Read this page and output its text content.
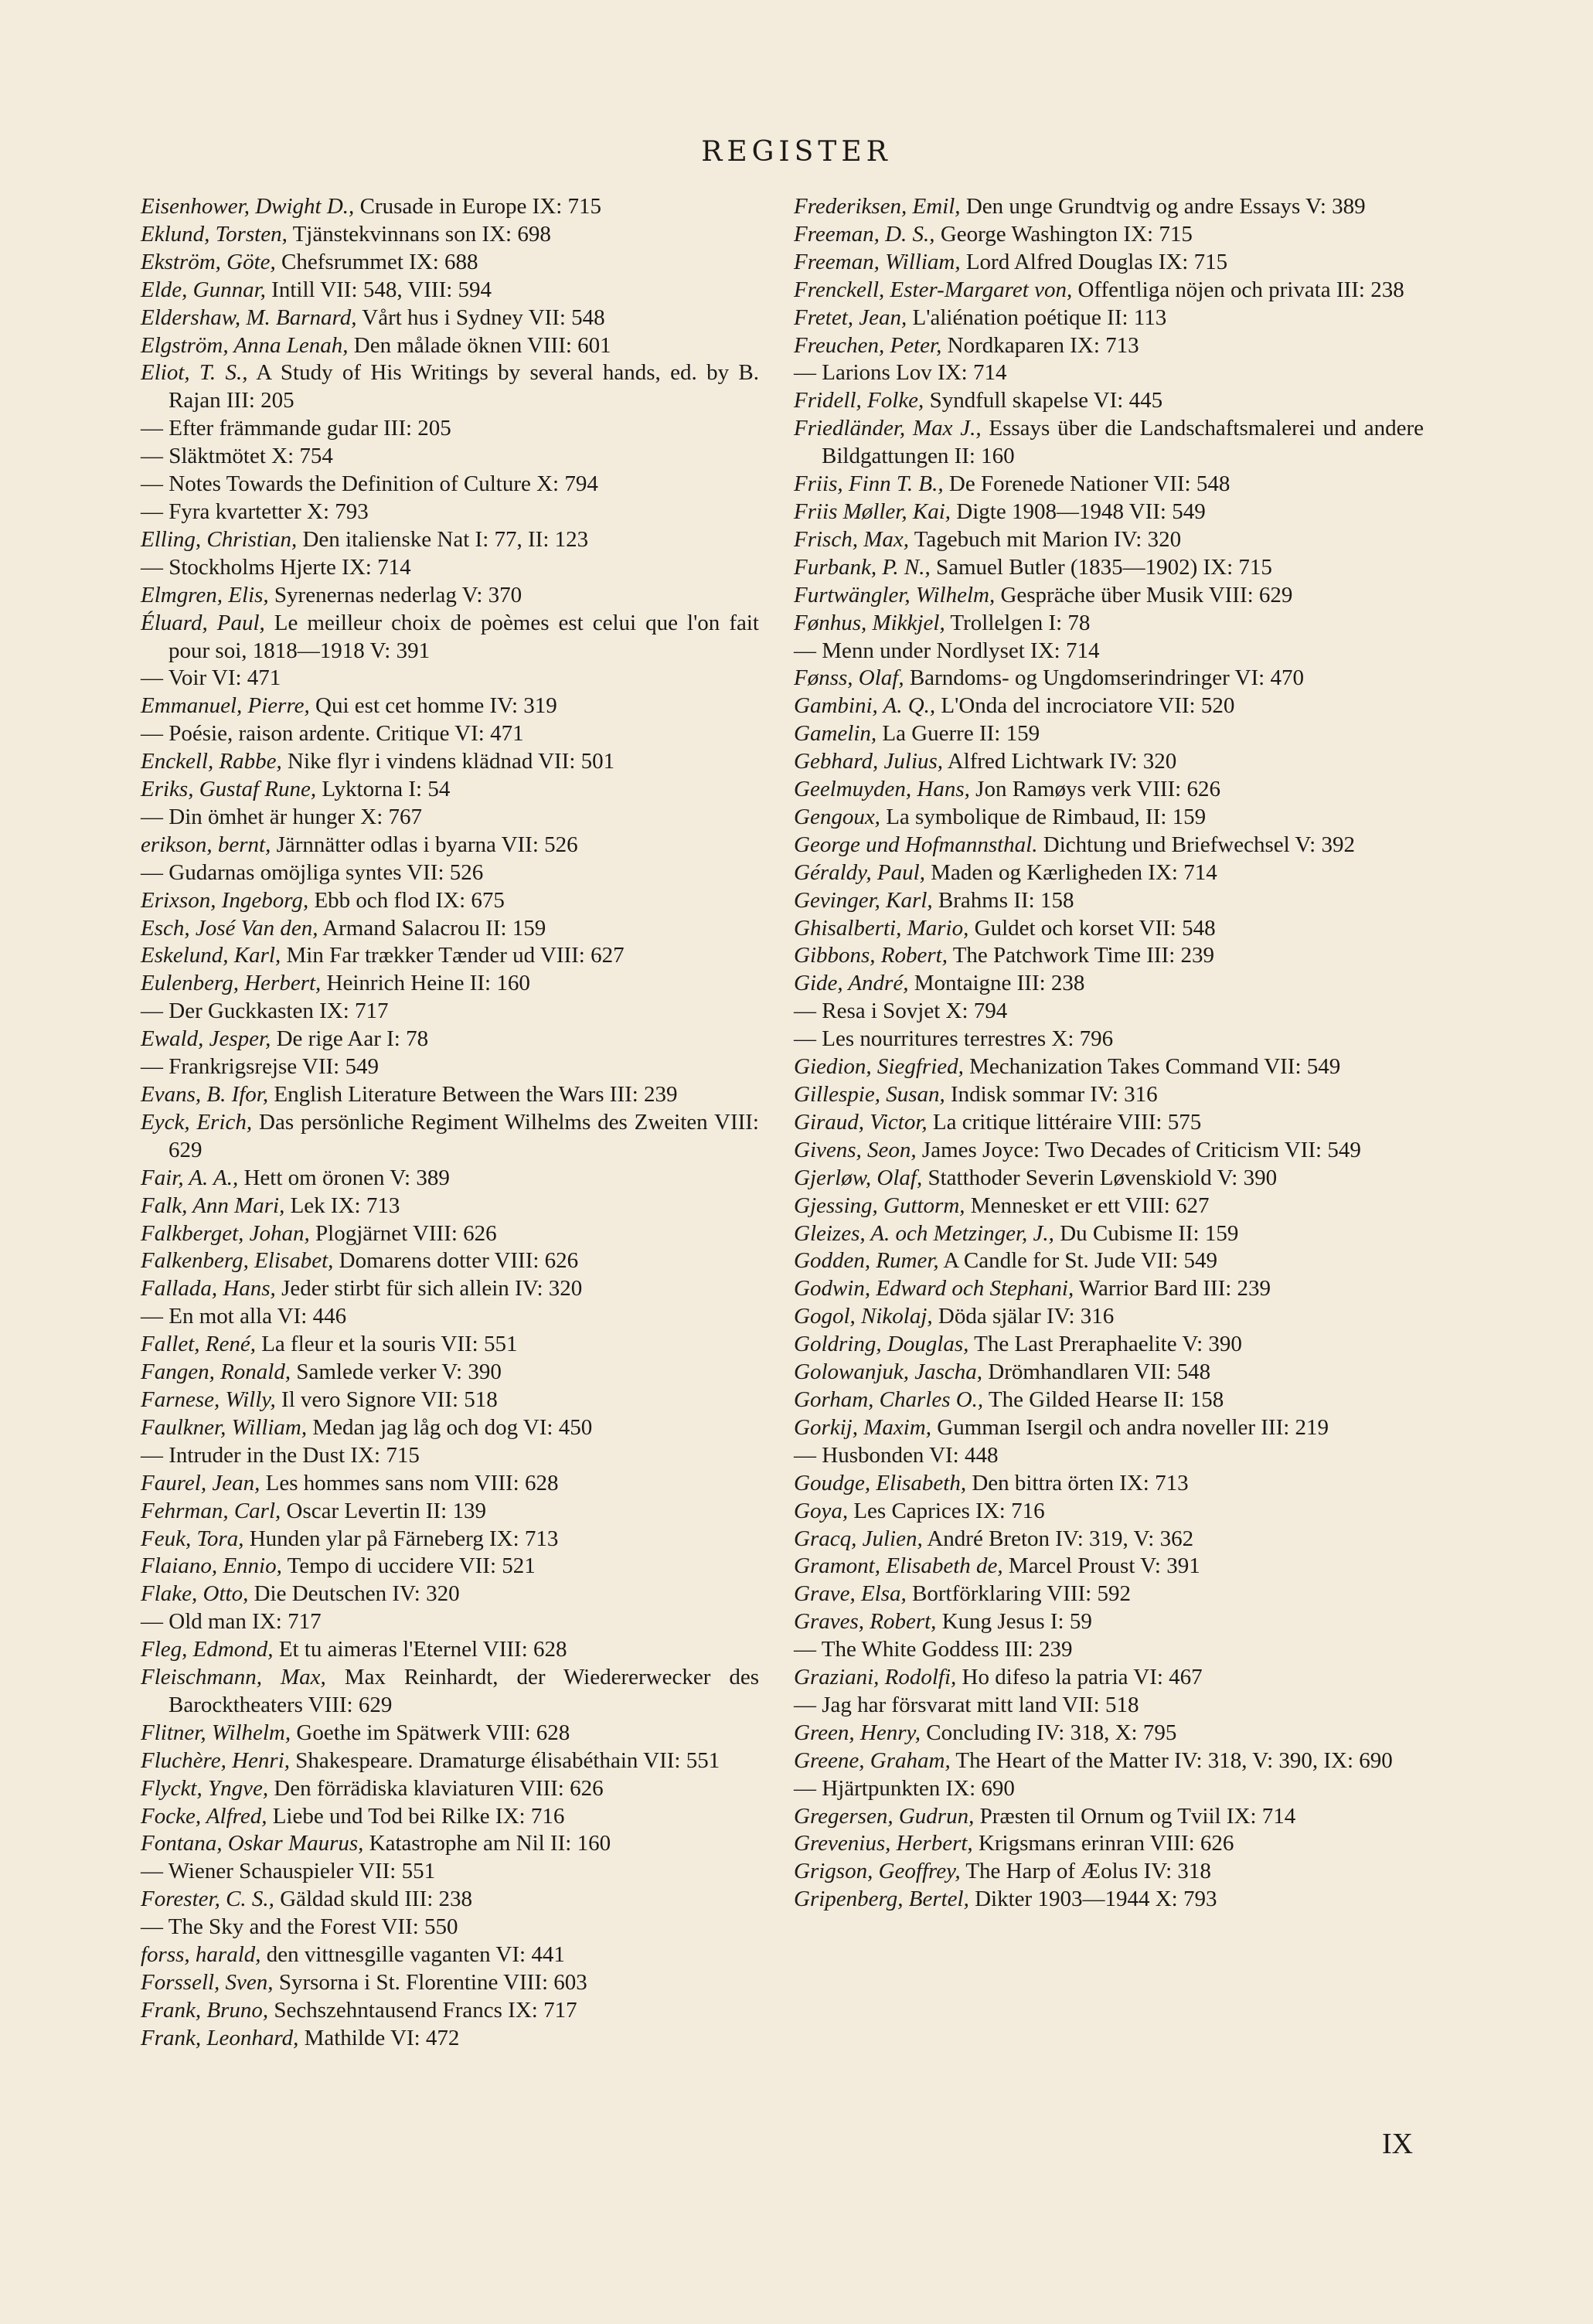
REGISTER
Eisenhower, Dwight D., Crusade in Europe IX: 715
Eklund, Torsten, Tjänstekvinnans son IX: 698
Ekström, Göte, Chefsrummet IX: 688
Elde, Gunnar, Intill VII: 548, VIII: 594
Eldershaw, M. Barnard, Vårt hus i Sydney VII: 548
Elgström, Anna Lenah, Den målade öknen VIII: 601
Eliot, T. S., A Study of His Writings by several hands, ed. by B. Rajan III: 205
— Efter främmande gudar III: 205
— Släktmötet X: 754
— Notes Towards the Definition of Culture X: 794
— Fyra kvartetter X: 793
Elling, Christian, Den italienske Nat I: 77, II: 123
— Stockholms Hjerte IX: 714
Elmgren, Elis, Syrenernas nederlag V: 370
Éluard, Paul, Le meilleur choix de poèmes est celui que l'on fait pour soi, 1818—1918 V: 391
— Voir VI: 471
Emmanuel, Pierre, Qui est cet homme IV: 319
— Poésie, raison ardente. Critique VI: 471
Enckell, Rabbe, Nike flyr i vindens klädnad VII: 501
Eriks, Gustaf Rune, Lyktorna I: 54
— Din ömhet är hunger X: 767
erikson, bernt, Järnnätter odlas i byarna VII: 526
— Gudarnas omöjliga syntes VII: 526
Erixson, Ingeborg, Ebb och flod IX: 675
Esch, José Van den, Armand Salacrou II: 159
Eskelund, Karl, Min Far trækker Tænder ud VIII: 627
Eulenberg, Herbert, Heinrich Heine II: 160
— Der Guckkasten IX: 717
Ewald, Jesper, De rige Aar I: 78
— Frankrigsrejse VII: 549
Evans, B. Ifor, English Literature Between the Wars III: 239
Eyck, Erich, Das persönliche Regiment Wilhelms des Zweiten VIII: 629
Fair, A. A., Hett om öronen V: 389
Falk, Ann Mari, Lek IX: 713
Falkberget, Johan, Plogjärnet VIII: 626
Falkenberg, Elisabet, Domarens dotter VIII: 626
Fallada, Hans, Jeder stirbt für sich allein IV: 320
— En mot alla VI: 446
Fallet, René, La fleur et la souris VII: 551
Fangen, Ronald, Samlede verker V: 390
Farnese, Willy, Il vero Signore VII: 518
Faulkner, William, Medan jag låg och dog VI: 450
— Intruder in the Dust IX: 715
Faurel, Jean, Les hommes sans nom VIII: 628
Fehrman, Carl, Oscar Levertin II: 139
Feuk, Tora, Hunden ylar på Färneberg IX: 713
Flaiano, Ennio, Tempo di uccidere VII: 521
Flake, Otto, Die Deutschen IV: 320
— Old man IX: 717
Fleg, Edmond, Et tu aimeras l'Eternel VIII: 628
Fleischmann, Max, Max Reinhardt, der Wiedererwecker des Barocktheaters VIII: 629
Flitner, Wilhelm, Goethe im Spätwerk VIII: 628
Fluchère, Henri, Shakespeare. Dramaturge élisabéthain VII: 551
Flyckt, Yngve, Den förrädiska klaviaturen VIII: 626
Focke, Alfred, Liebe und Tod bei Rilke IX: 716
Fontana, Oskar Maurus, Katastrophe am Nil II: 160
— Wiener Schauspieler VII: 551
Forester, C. S., Gäldad skuld III: 238
— The Sky and the Forest VII: 550
forss, harald, den vittnesgille vaganten VI: 441
Forssell, Sven, Syrsorna i St. Florentine VIII: 603
Frank, Bruno, Sechszehntausend Francs IX: 717
Frank, Leonhard, Mathilde VI: 472
Frederiksen, Emil, Den unge Grundtvig og andre Essays V: 389
Freeman, D. S., George Washington IX: 715
Freeman, William, Lord Alfred Douglas IX: 715
Frenckell, Ester-Margaret von, Offentliga nöjen och privata III: 238
Fretet, Jean, L'aliénation poétique II: 113
Freuchen, Peter, Nordkaparen IX: 713
— Larions Lov IX: 714
Fridell, Folke, Syndfull skapelse VI: 445
Friedländer, Max J., Essays über die Landschaftsmalerei und andere Bildgattungen II: 160
Friis, Finn T. B., De Forenede Nationer VII: 548
Friis Møller, Kai, Digte 1908—1948 VII: 549
Frisch, Max, Tagebuch mit Marion IV: 320
Furbank, P. N., Samuel Butler (1835—1902) IX: 715
Furtwängler, Wilhelm, Gespräche über Musik VIII: 629
Fønhus, Mikkjel, Trollelgen I: 78
— Menn under Nordlyset IX: 714
Fønss, Olaf, Barndoms- og Ungdomserindringer VI: 470
Gambini, A. Q., L'Onda del incrociatore VII: 520
Gamelin, La Guerre II: 159
Gebhard, Julius, Alfred Lichtwark IV: 320
Geelmuyden, Hans, Jon Ramøys verk VIII: 626
Gengoux, La symbolique de Rimbaud, II: 159
George und Hofmannsthal. Dichtung und Briefwechsel V: 392
Géraldy, Paul, Maden og Kærligheden IX: 714
Gevinger, Karl, Brahms II: 158
Ghisalberti, Mario, Guldet och korset VII: 548
Gibbons, Robert, The Patchwork Time III: 239
Gide, André, Montaigne III: 238
— Resa i Sovjet X: 794
— Les nourritures terrestres X: 796
Giedion, Siegfried, Mechanization Takes Command VII: 549
Gillespie, Susan, Indisk sommar IV: 316
Giraud, Victor, La critique littéraire VIII: 575
Givens, Seon, James Joyce: Two Decades of Criticism VII: 549
Gjerløw, Olaf, Statthoder Severin Løvenskiold V: 390
Gjessing, Guttorm, Mennesket er ett VIII: 627
Gleizes, A. och Metzinger, J., Du Cubisme II: 159
Godden, Rumer, A Candle for St. Jude VII: 549
Godwin, Edward och Stephani, Warrior Bard III: 239
Gogol, Nikolaj, Döda själar IV: 316
Goldring, Douglas, The Last Preraphaelite V: 390
Golowanjuk, Jascha, Drömhandlaren VII: 548
Gorham, Charles O., The Gilded Hearse II: 158
Gorkij, Maxim, Gumman Isergil och andra noveller III: 219
— Husbonden VI: 448
Goudge, Elisabeth, Den bittra örten IX: 713
Goya, Les Caprices IX: 716
Gracq, Julien, André Breton IV: 319, V: 362
Gramont, Elisabeth de, Marcel Proust V: 391
Grave, Elsa, Bortförklaring VIII: 592
Graves, Robert, Kung Jesus I: 59
— The White Goddess III: 239
Graziani, Rodolfi, Ho difeso la patria VI: 467
— Jag har försvarat mitt land VII: 518
Green, Henry, Concluding IV: 318, X: 795
Greene, Graham, The Heart of the Matter IV: 318, V: 390, IX: 690
— Hjärtpunkten IX: 690
Gregersen, Gudrun, Præsten til Ornum og Tviil IX: 714
Grevenius, Herbert, Krigsmans erinran VIII: 626
Grigson, Geoffrey, The Harp of Æolus IV: 318
Gripenberg, Bertel, Dikter 1903—1944 X: 793
IX
